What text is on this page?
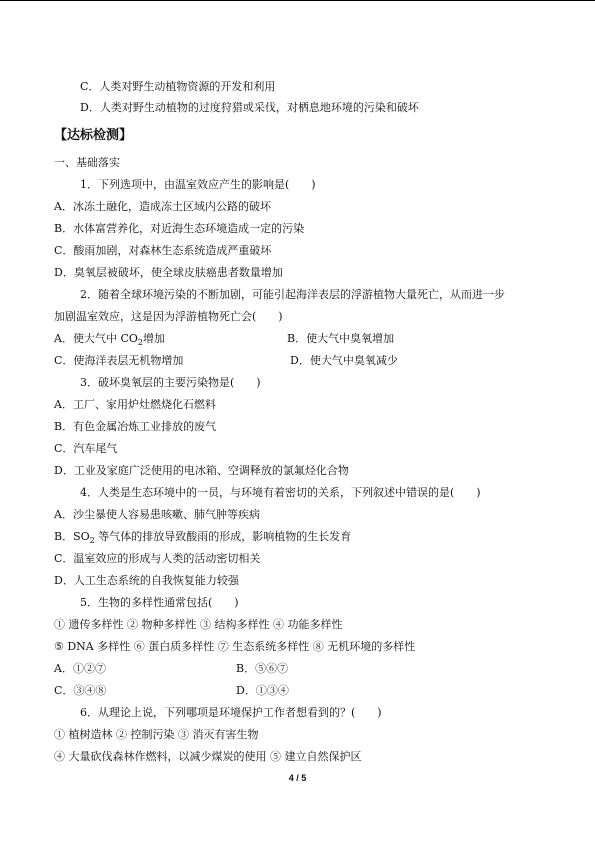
C．人类对野生动植物资源的开发和利用
D．人类对野生动植物的过度狩猎或采伐，对栖息地环境的污染和破坏
【达标检测】
一、基础落实
1．下列选项中，由温室效应产生的影响是(　　)
A．冰冻土融化，造成冻土区域内公路的破坏
B．水体富营养化，对近海生态环境造成一定的污染
C．酸雨加剧，对森林生态系统造成严重破坏
D．臭氧层被破坏，使全球皮肤癌患者数量增加
2．随着全球环境污染的不断加剧，可能引起海洋表层的浮游植物大量死亡，从而进一步
加剧温室效应，这是因为浮游植物死亡会(　　)
A．使大气中 $CO_2$增加	B．使大气中臭氧增加
C．使海洋表层无机物增加	D．使大气中臭氧减少
3．破坏臭氧层的主要污染物是(　　)
A．工厂、家用炉灶燃烧化石燃料
B．有色金属冶炼工业排放的废气
C．汽车尾气
D．工业及家庭广泛使用的电冰箱、空调释放的氯氟烃化合物
4．人类是生态环境中的一员，与环境有着密切的关系，下列叙述中错误的是(　　)
A．沙尘暴使人容易患咳嗽、肺气肿等疾病
B．$SO_2$ 等气体的排放导致酸雨的形成，影响植物的生长发育
C．温室效应的形成与人类的活动密切相关
D．人工生态系统的自我恢复能力较强
5．生物的多样性通常包括(　　)
① 遗传多样性 ② 物种多样性 ③ 结构多样性 ④ 功能多样性
⑤ DNA 多样性 ⑥ 蛋白质多样性 ⑦ 生态系统多样性 ⑧ 无机环境的多样性
A．①②⑦	B．⑤⑥⑦
C．③④⑧	D．①③④
6．从理论上说，下列哪项是环境保护工作者想看到的？(　　)
① 植树造林 ② 控制污染 ③ 消灭有害生物
④ 大量砍伐森林作燃料，以减少煤炭的使用 ⑤ 建立自然保护区
4 / 5
